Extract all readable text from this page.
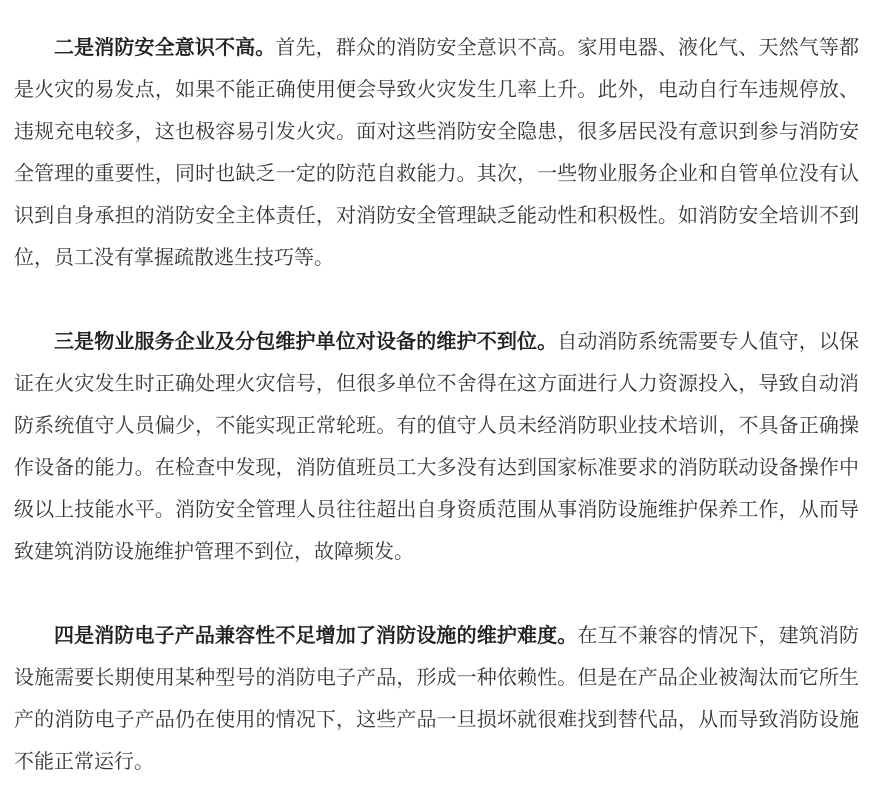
二是消防安全意识不高。首先，群众的消防安全意识不高。家用电器、液化气、天然气等都是火灾的易发点，如果不能正确使用便会导致火灾发生几率上升。此外，电动自行车违规停放、违规充电较多，这也极容易引发火灾。面对这些消防安全隐患，很多居民没有意识到参与消防安全管理的重要性，同时也缺乏一定的防范自救能力。其次，一些物业服务企业和自管单位没有认识到自身承担的消防安全主体责任，对消防安全管理缺乏能动性和积极性。如消防安全培训不到位，员工没有掌握疏散逃生技巧等。

三是物业服务企业及分包维护单位对设备的维护不到位。自动消防系统需要专人值守，以保证在火灾发生时正确处理火灾信号，但很多单位不舍得在这方面进行人力资源投入，导致自动消防系统值守人员偏少，不能实现正常轮班。有的值守人员未经消防职业技术培训，不具备正确操作设备的能力。在检查中发现，消防值班员工大多没有达到国家标准要求的消防联动设备操作中级以上技能水平。消防安全管理人员往往超出自身资质范围从事消防设施维护保养工作，从而导致建筑消防设施维护管理不到位，故障频发。

四是消防电子产品兼容性不足增加了消防设施的维护难度。在互不兼容的情况下，建筑消防设施需要长期使用某种型号的消防电子产品，形成一种依赖性。但是在产品企业被淘汰而它所生产的消防电子产品仍在使用的情况下，这些产品一旦损坏就很难找到替代品，从而导致消防设施不能正常运行。
